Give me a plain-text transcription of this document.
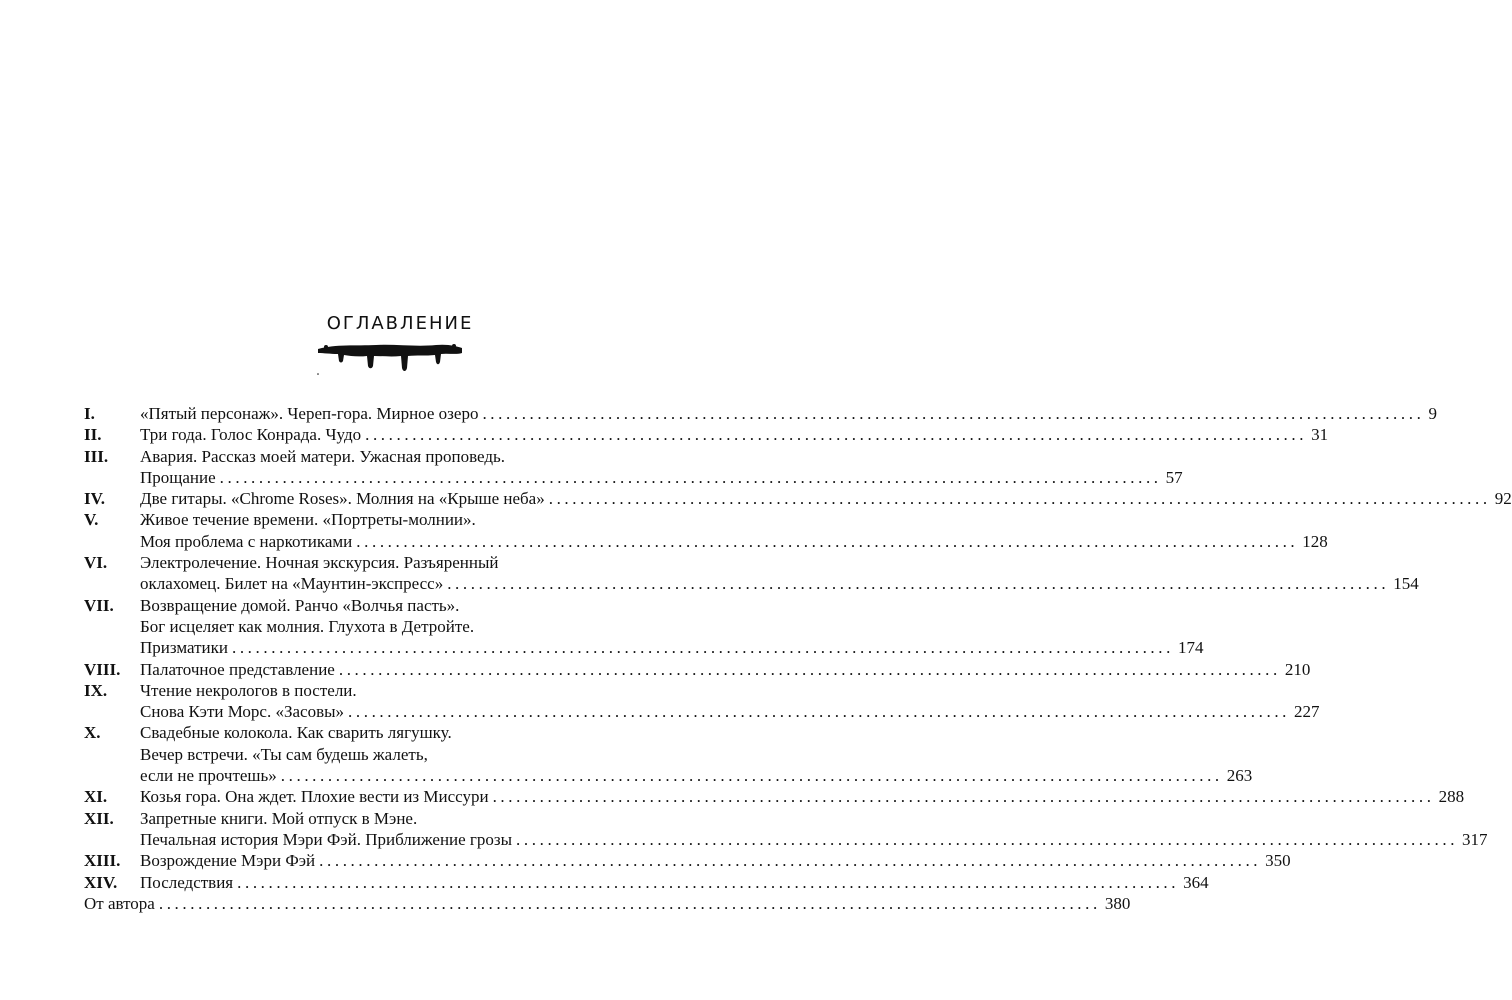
ОГЛАВЛЕНИЕ
I.	«Пятый персонаж». Череп-гора. Мирное озеро ........................................................................................................................ 9
II. Три года. Голос Конрада. Чудо ........................................................................................................................ 31
III. Авария. Рассказ моей матери. Ужасная проповедь.
Прощание ........................................................................................................................ 57
IV. Две гитары. «Chrome Roses». Молния на «Крыше неба» ........................................................................................................................ 92
V. Живое течение времени. «Портреты-молнии».
Моя проблема с наркотиками ........................................................................................................................ 128
VI. Электролечение. Ночная экскурсия. Разъяренный
оклахомец. Билет на «Маунтин-экспресс» ........................................................................................................................ 154
VII. Возвращение домой. Ранчо «Волчья пасть».
Бог исцеляет как молния. Глухота в Детройте.
Призматики ........................................................................................................................ 174
VIII. Палаточное представление ........................................................................................................................ 210
IX. Чтение некрологов в постели.
Снова Кэти Морс. «Засовы» ........................................................................................................................ 227
X. Свадебные колокола. Как сварить лягушку.
Вечер встречи. «Ты сам будешь жалеть,
если не прочтешь» ........................................................................................................................ 263
XI. Козья гора. Она ждет. Плохие вести из Миссури ........................................................................................................................ 288
XII. Запретные книги. Мой отпуск в Мэне.
Печальная история Мэри Фэй. Приближение грозы ........................................................................................................................ 317
XIII. Возрождение Мэри Фэй ........................................................................................................................ 350
XIV. Последствия ........................................................................................................................ 364
От автора ........................................................................................................................ 380
